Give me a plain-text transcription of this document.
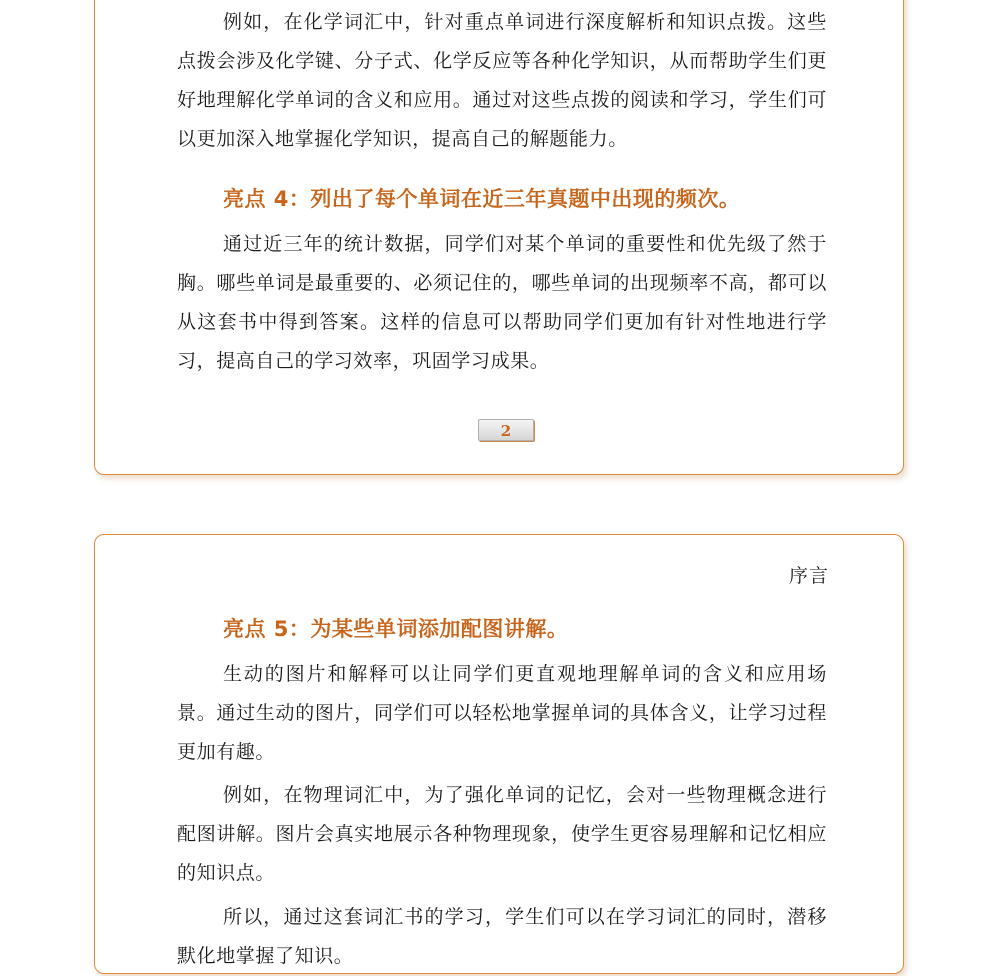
例如，在化学词汇中，针对重点单词进行深度解析和知识点拨。这些点拨会涉及化学键、分子式、化学反应等各种化学知识，从而帮助学生们更好地理解化学单词的含义和应用。通过对这些点拨的阅读和学习，学生们可以更加深入地掌握化学知识，提高自己的解题能力。

亮点 4：列出了每个单词在近三年真题中出现的频次。

通过近三年的统计数据，同学们对某个单词的重要性和优先级了然于胸。哪些单词是最重要的、必须记住的，哪些单词的出现频率不高，都可以从这套书中得到答案。这样的信息可以帮助同学们更加有针对性地进行学习，提高自己的学习效率，巩固学习成果。

2
序言
亮点 5：为某些单词添加配图讲解。

生动的图片和解释可以让同学们更直观地理解单词的含义和应用场景。通过生动的图片，同学们可以轻松地掌握单词的具体含义，让学习过程更加有趣。

例如，在物理词汇中，为了强化单词的记忆，会对一些物理概念进行配图讲解。图片会真实地展示各种物理现象，使学生更容易理解和记忆相应的知识点。

所以，通过这套词汇书的学习，学生们可以在学习词汇的同时，潜移默化地掌握了知识。
